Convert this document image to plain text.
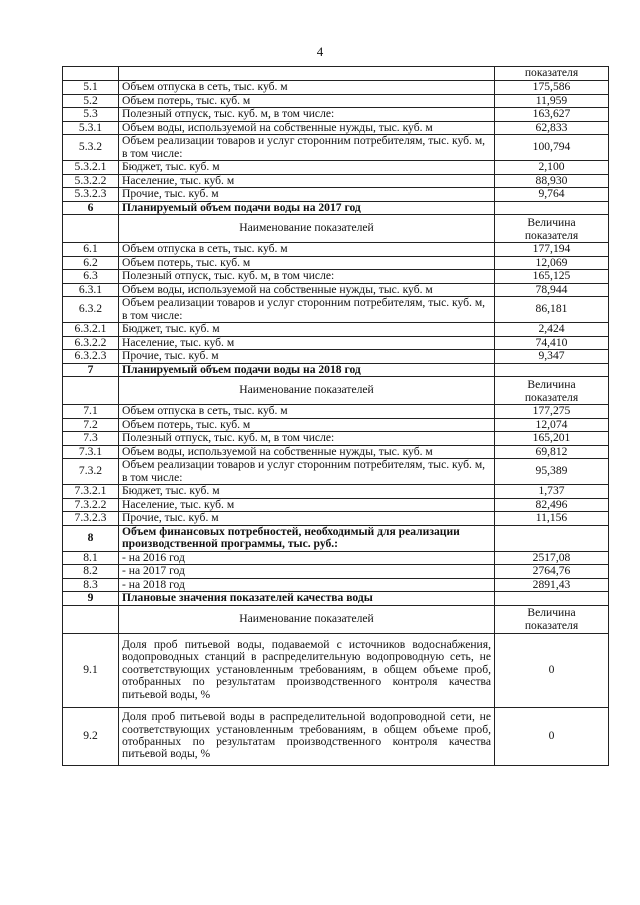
4
		показателя
5.1	Объем отпуска в сеть, тыс. куб. м	175,586
5.2	Объем потерь, тыс. куб. м	11,959
5.3	Полезный отпуск, тыс. куб. м, в том числе:	163,627
5.3.1	Объем воды, используемой на собственные нужды, тыс. куб. м	62,833
5.3.2	Объем реализации товаров и услуг сторонним потребителям, тыс. куб. м, в том числе:	100,794
5.3.2.1	Бюджет, тыс. куб. м	2,100
5.3.2.2	Население, тыс. куб. м	88,930
5.3.2.3	Прочие, тыс. куб. м	9,764
6	Планируемый объем подачи воды на 2017 год	
	Наименование показателей	Величина
показателя
6.1	Объем отпуска в сеть, тыс. куб. м	177,194
6.2	Объем потерь, тыс. куб. м	12,069
6.3	Полезный отпуск, тыс. куб. м, в том числе:	165,125
6.3.1	Объем воды, используемой на собственные нужды, тыс. куб. м	78,944
6.3.2	Объем реализации товаров и услуг сторонним потребителям, тыс. куб. м, в том числе:	86,181
6.3.2.1	Бюджет, тыс. куб. м	2,424
6.3.2.2	Население, тыс. куб. м	74,410
6.3.2.3	Прочие, тыс. куб. м	9,347
7	Планируемый объем подачи воды на 2018 год	
	Наименование показателей	Величина
показателя
7.1	Объем отпуска в сеть, тыс. куб. м	177,275
7.2	Объем потерь, тыс. куб. м	12,074
7.3	Полезный отпуск, тыс. куб. м, в том числе:	165,201
7.3.1	Объем воды, используемой на собственные нужды, тыс. куб. м	69,812
7.3.2	Объем реализации товаров и услуг сторонним потребителям, тыс. куб. м, в том числе:	95,389
7.3.2.1	Бюджет, тыс. куб. м	1,737
7.3.2.2	Население, тыс. куб. м	82,496
7.3.2.3	Прочие, тыс. куб. м	11,156
8	Объем финансовых потребностей, необходимый для реализации производственной программы, тыс. руб.:	
8.1	- на 2016 год	2517,08
8.2	- на 2017 год	2764,76
8.3	- на 2018 год	2891,43
9	Плановые значения показателей качества воды	
	Наименование показателей	Величина
показателя
9.1	Доля проб питьевой воды, подаваемой с источников водоснабжения, водопроводных станций в распределительную водопроводную сеть, не соответствующих установленным требованиям, в общем объеме проб, отобранных по результатам производственного контроля качества питьевой воды, %	0
9.2	Доля проб питьевой воды в распределительной водопроводной сети, не соответствующих установленным требованиям, в общем объеме проб, отобранных по результатам производственного контроля качества питьевой воды, %	0
